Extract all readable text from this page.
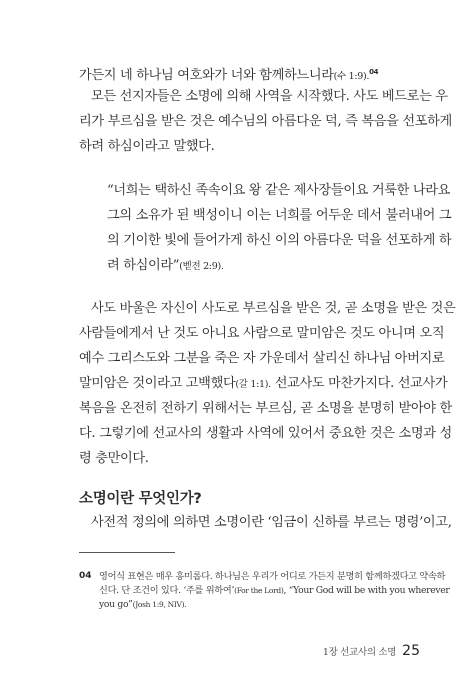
가든지 네 하나님 여호와가 너와 함께하느니라(수 1:9).$^{04}$
모든 선지자들은 소명에 의해 사역을 시작했다. 사도 베드로는 우
리가 부르심을 받은 것은 예수님의 아름다운 덕, 즉 복음을 선포하게
하려 하심이라고 말했다.
“너희는 택하신 족속이요 왕 같은 제사장들이요 거룩한 나라요
그의 소유가 된 백성이니 이는 너희를 어두운 데서 불러내어 그
의 기이한 빛에 들어가게 하신 이의 아름다운 덕을 선포하게 하
려 하심이라”(벧전 2:9).
사도 바울은 자신이 사도로 부르심을 받은 것, 곧 소명을 받은 것은
사람들에게서 난 것도 아니요 사람으로 말미암은 것도 아니며 오직
예수 그리스도와 그분을 죽은 자 가운데서 살리신 하나님 아버지로
말미암은 것이라고 고백했다(갈 1:1). 선교사도 마찬가지다. 선교사가
복음을 온전히 전하기 위해서는 부르심, 곧 소명을 분명히 받아야 한
다. 그렇기에 선교사의 생활과 사역에 있어서 중요한 것은 소명과 성
령 충만이다.
소명이란 무엇인가?
사전적 정의에 의하면 소명이란 ‘임금이 신하를 부르는 명령’이고,
04 영어식 표현은 매우 흥미롭다. 하나님은 우리가 어디로 가든지 분명히 함께하겠다고 약속하
신다. 단 조건이 있다. ‘주를 위하여’(For the Lord), “Your God will be with you wherever
you go”(Josh 1:9, NIV).
1장 선교사의 소명 25
